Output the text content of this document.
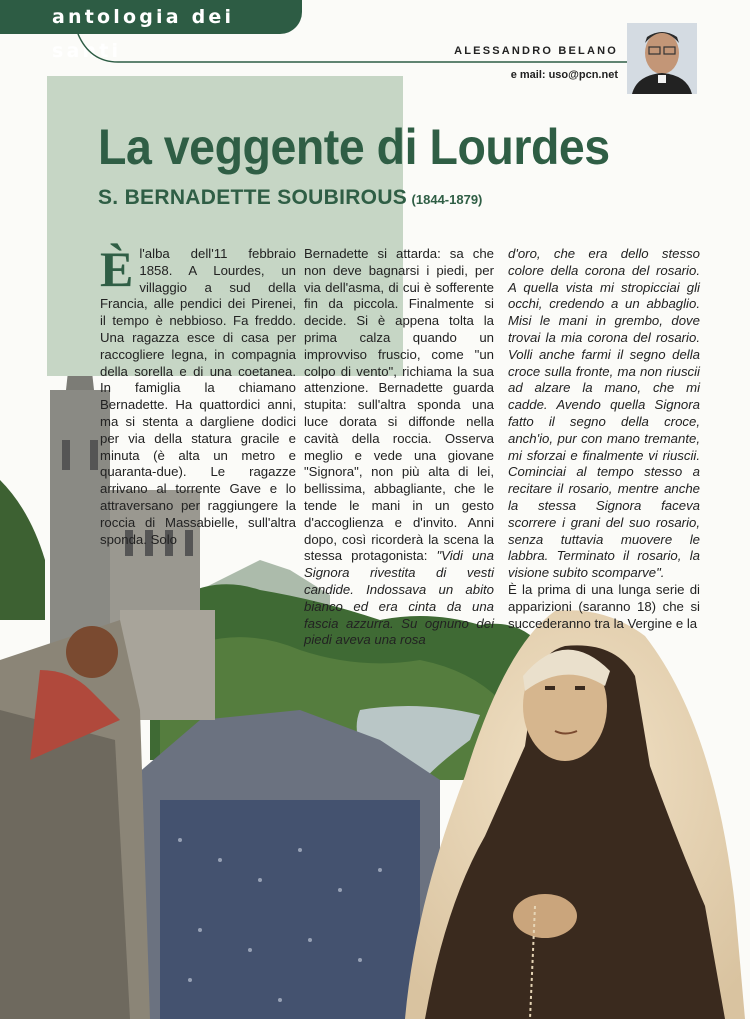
antologia dei santi	ALESSANDRO BELANO
e mail: uso@pcn.net
La veggente di Lourdes
S. BERNADETTE SOUBIROUS (1844-1879)
È l'alba dell'11 febbraio 1858. A Lourdes, un villaggio a sud della Francia, alle pendici dei Pirenei, il tempo è nebbioso. Fa freddo. Una ragazza esce di casa per raccogliere legna, in compagnia della sorella e di una coetanea. In famiglia la chiamano Bernadette. Ha quattordici anni, ma si stenta a dargliene dodici per via della statura gracile e minuta (è alta un metro e quaranta-due). Le ragazze arrivano al torrente Gave e lo attraversano per raggiungere la roccia di Massabielle, sull'altra sponda. Solo
Bernadette si attarda: sa che non deve bagnarsi i piedi, per via dell'asma, di cui è sofferente fin da piccola. Finalmente si decide. Si è appena tolta la prima calza quando un improvviso fruscio, come "un colpo di vento", richiama la sua attenzione. Bernadette guarda stupita: sull'altra sponda una luce dorata si diffonde nella cavità della roccia. Osserva meglio e vede una giovane "Signora", non più alta di lei, bellissima, abbagliante, che le tende le mani in un gesto d'accoglienza e d'invito. Anni dopo, così ricorderà la scena la stessa protagonista: "Vidi una Signora rivestita di vesti candide. Indossava un abito bianco ed era cinta da una fascia azzurra. Su ognuno dei piedi aveva una rosa

d'oro, che era dello stesso colore della corona del rosario. A quella vista mi stropicciai gli occhi, credendo a un abbaglio. Misi le mani in grembo, dove trovai la mia corona del rosario. Volli anche farmi il segno della croce sulla fronte, ma non riuscii ad alzare la mano, che mi cadde. Avendo quella Signora fatto il segno della croce, anch'io, pur con mano tremante, mi sforzai e finalmente vi riuscii. Cominciai al tempo stesso a recitare il rosario, mentre anche la stessa Signora faceva scorrere i grani del suo rosario, senza tuttavia muovere le labbra. Terminato il rosario, la visione subito scomparve".

È la prima di una lunga serie di apparizioni (saranno 18) che si succederanno tra la Vergine e la
